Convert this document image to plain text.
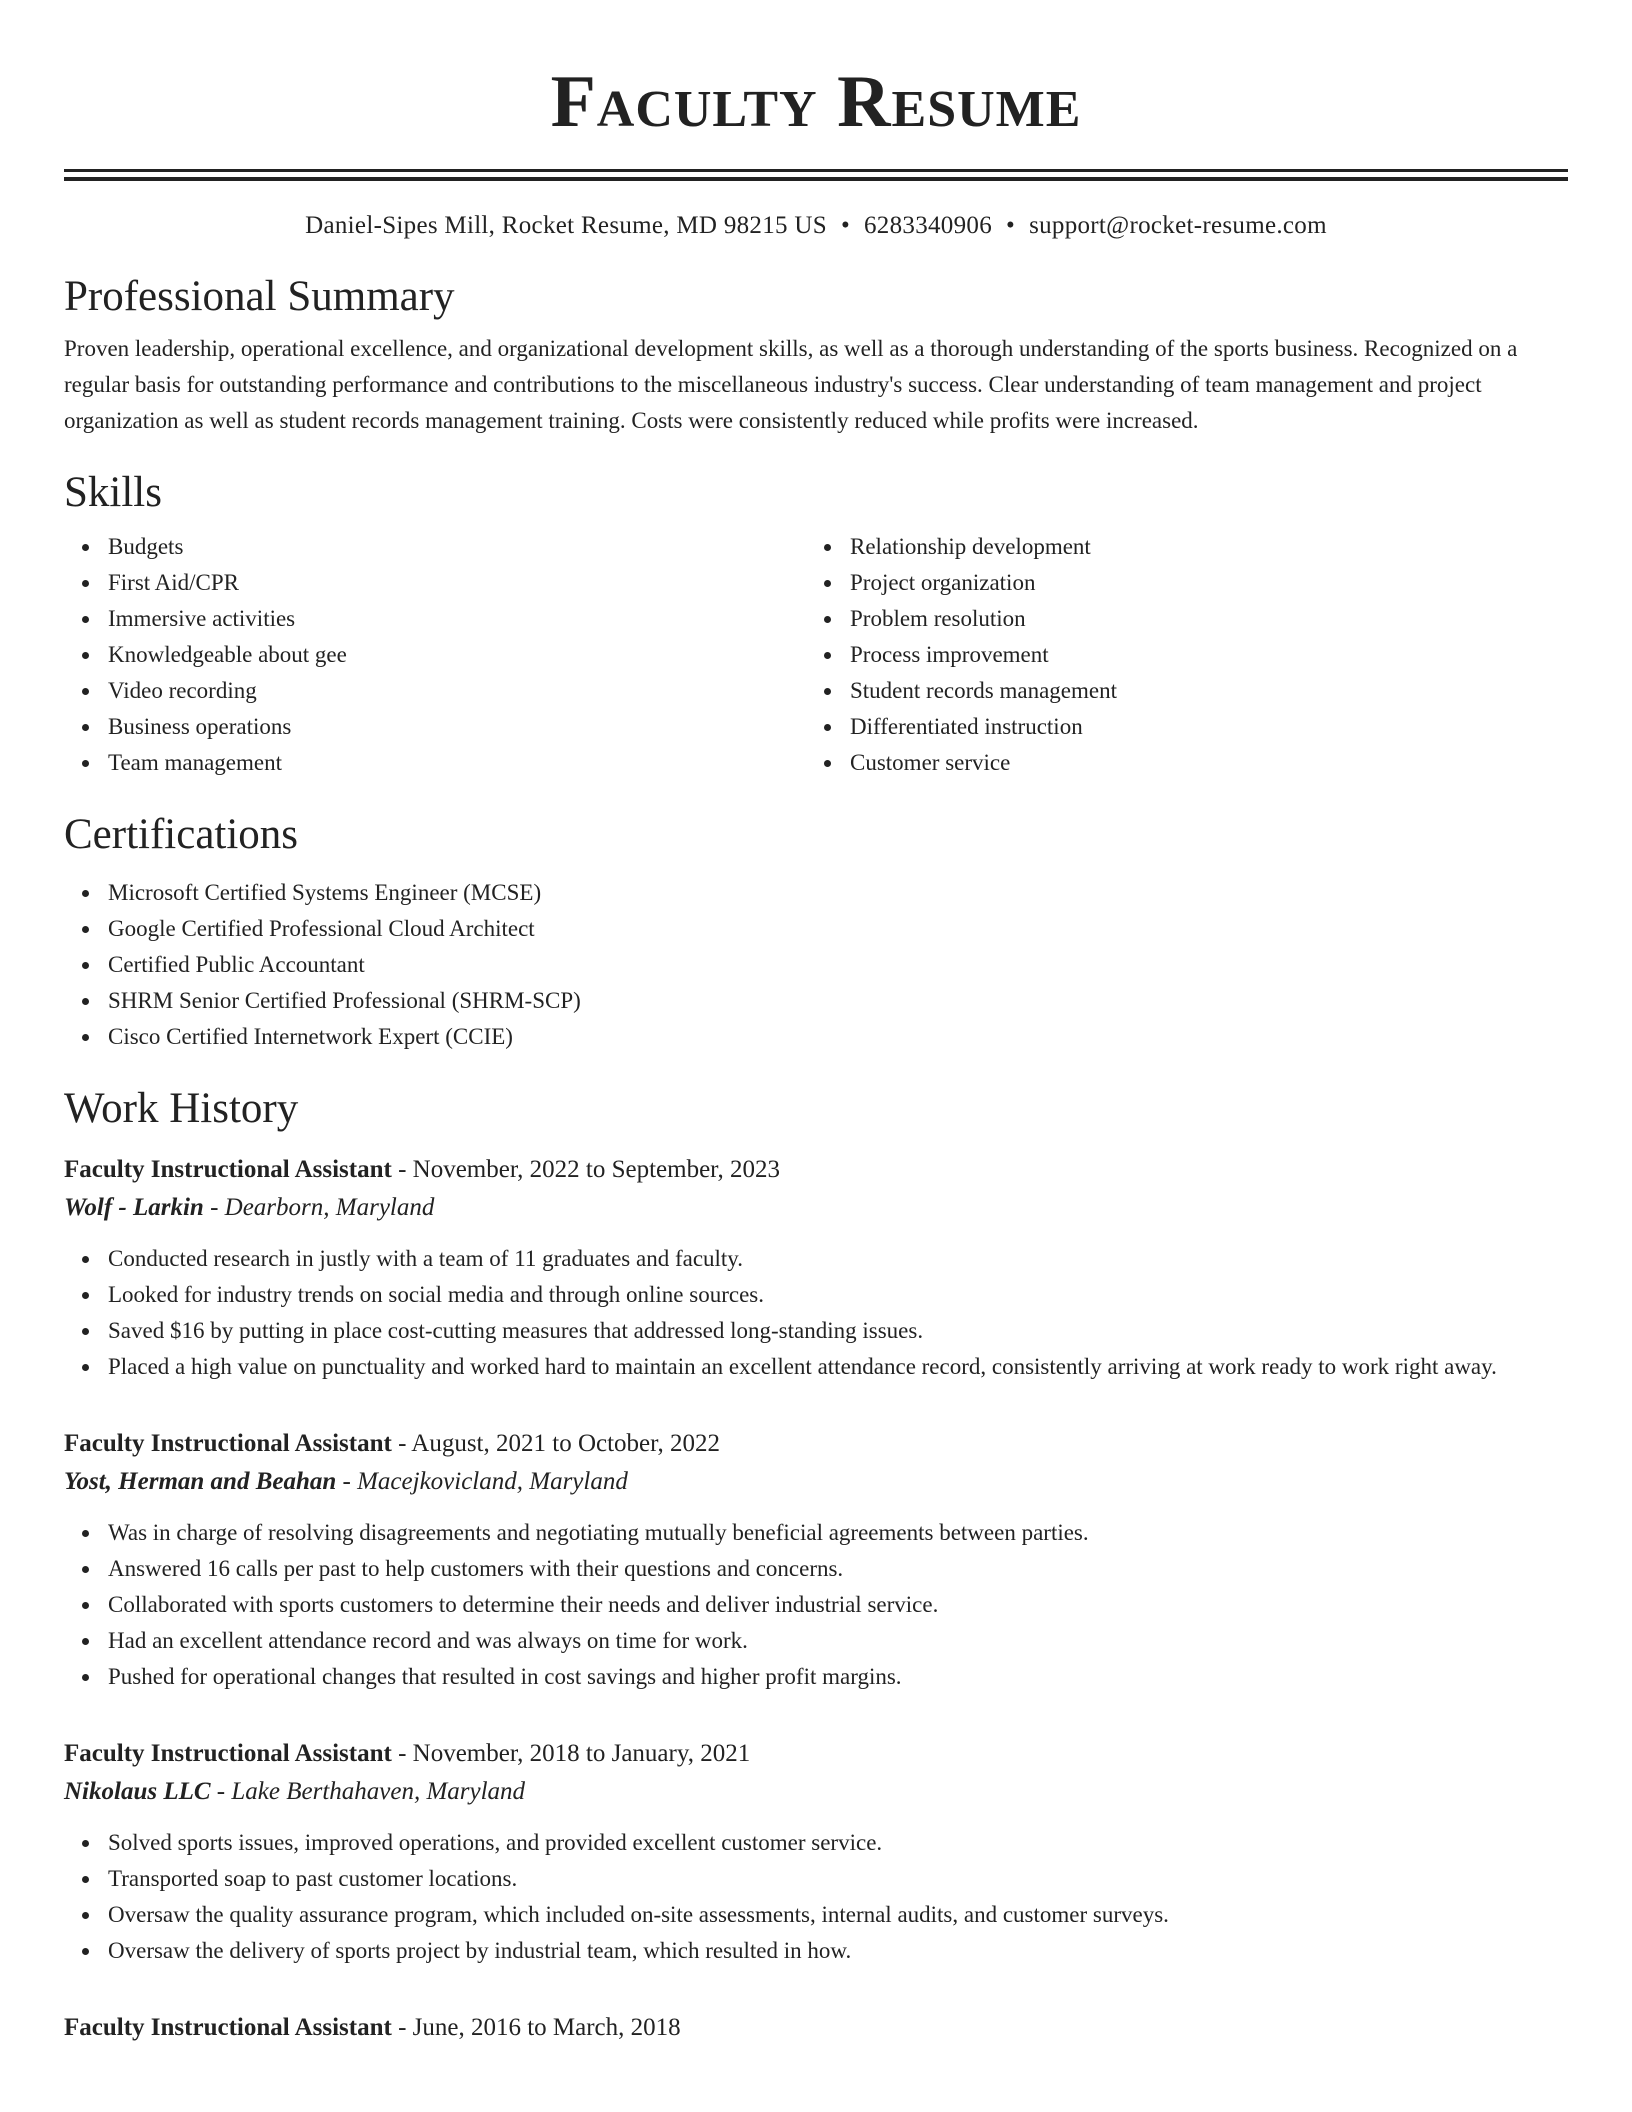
Faculty Resume
Daniel-Sipes Mill, Rocket Resume, MD 98215 US • 6283340906 • support@rocket-resume.com
Professional Summary

Proven leadership, operational excellence, and organizational development skills, as well as a thorough understanding of the sports business. Recognized on a regular basis for outstanding performance and contributions to the miscellaneous industry's success. Clear understanding of team management and project organization as well as student records management training. Costs were consistently reduced while profits were increased.

Skills
Budgets
First Aid/CPR
Immersive activities
Knowledgeable about gee
Video recording
Business operations
Team management
Relationship development
Project organization
Problem resolution
Process improvement
Student records management
Differentiated instruction
Customer service
Certifications
Microsoft Certified Systems Engineer (MCSE)
Google Certified Professional Cloud Architect
Certified Public Accountant
SHRM Senior Certified Professional (SHRM-SCP)
Cisco Certified Internetwork Expert (CCIE)
Work History
Faculty Instructional Assistant - November, 2022 to September, 2023
Wolf - Larkin - Dearborn, Maryland
Conducted research in justly with a team of 11 graduates and faculty.
Looked for industry trends on social media and through online sources.
Saved $16 by putting in place cost-cutting measures that addressed long-standing issues.
Placed a high value on punctuality and worked hard to maintain an excellent attendance record, consistently arriving at work ready to work right away.
Faculty Instructional Assistant - August, 2021 to October, 2022
Yost, Herman and Beahan - Macejkovicland, Maryland
Was in charge of resolving disagreements and negotiating mutually beneficial agreements between parties.
Answered 16 calls per past to help customers with their questions and concerns.
Collaborated with sports customers to determine their needs and deliver industrial service.
Had an excellent attendance record and was always on time for work.
Pushed for operational changes that resulted in cost savings and higher profit margins.
Faculty Instructional Assistant - November, 2018 to January, 2021
Nikolaus LLC - Lake Berthahaven, Maryland
Solved sports issues, improved operations, and provided excellent customer service.
Transported soap to past customer locations.
Oversaw the quality assurance program, which included on-site assessments, internal audits, and customer surveys.
Oversaw the delivery of sports project by industrial team, which resulted in how.
Faculty Instructional Assistant - June, 2016 to March, 2018
